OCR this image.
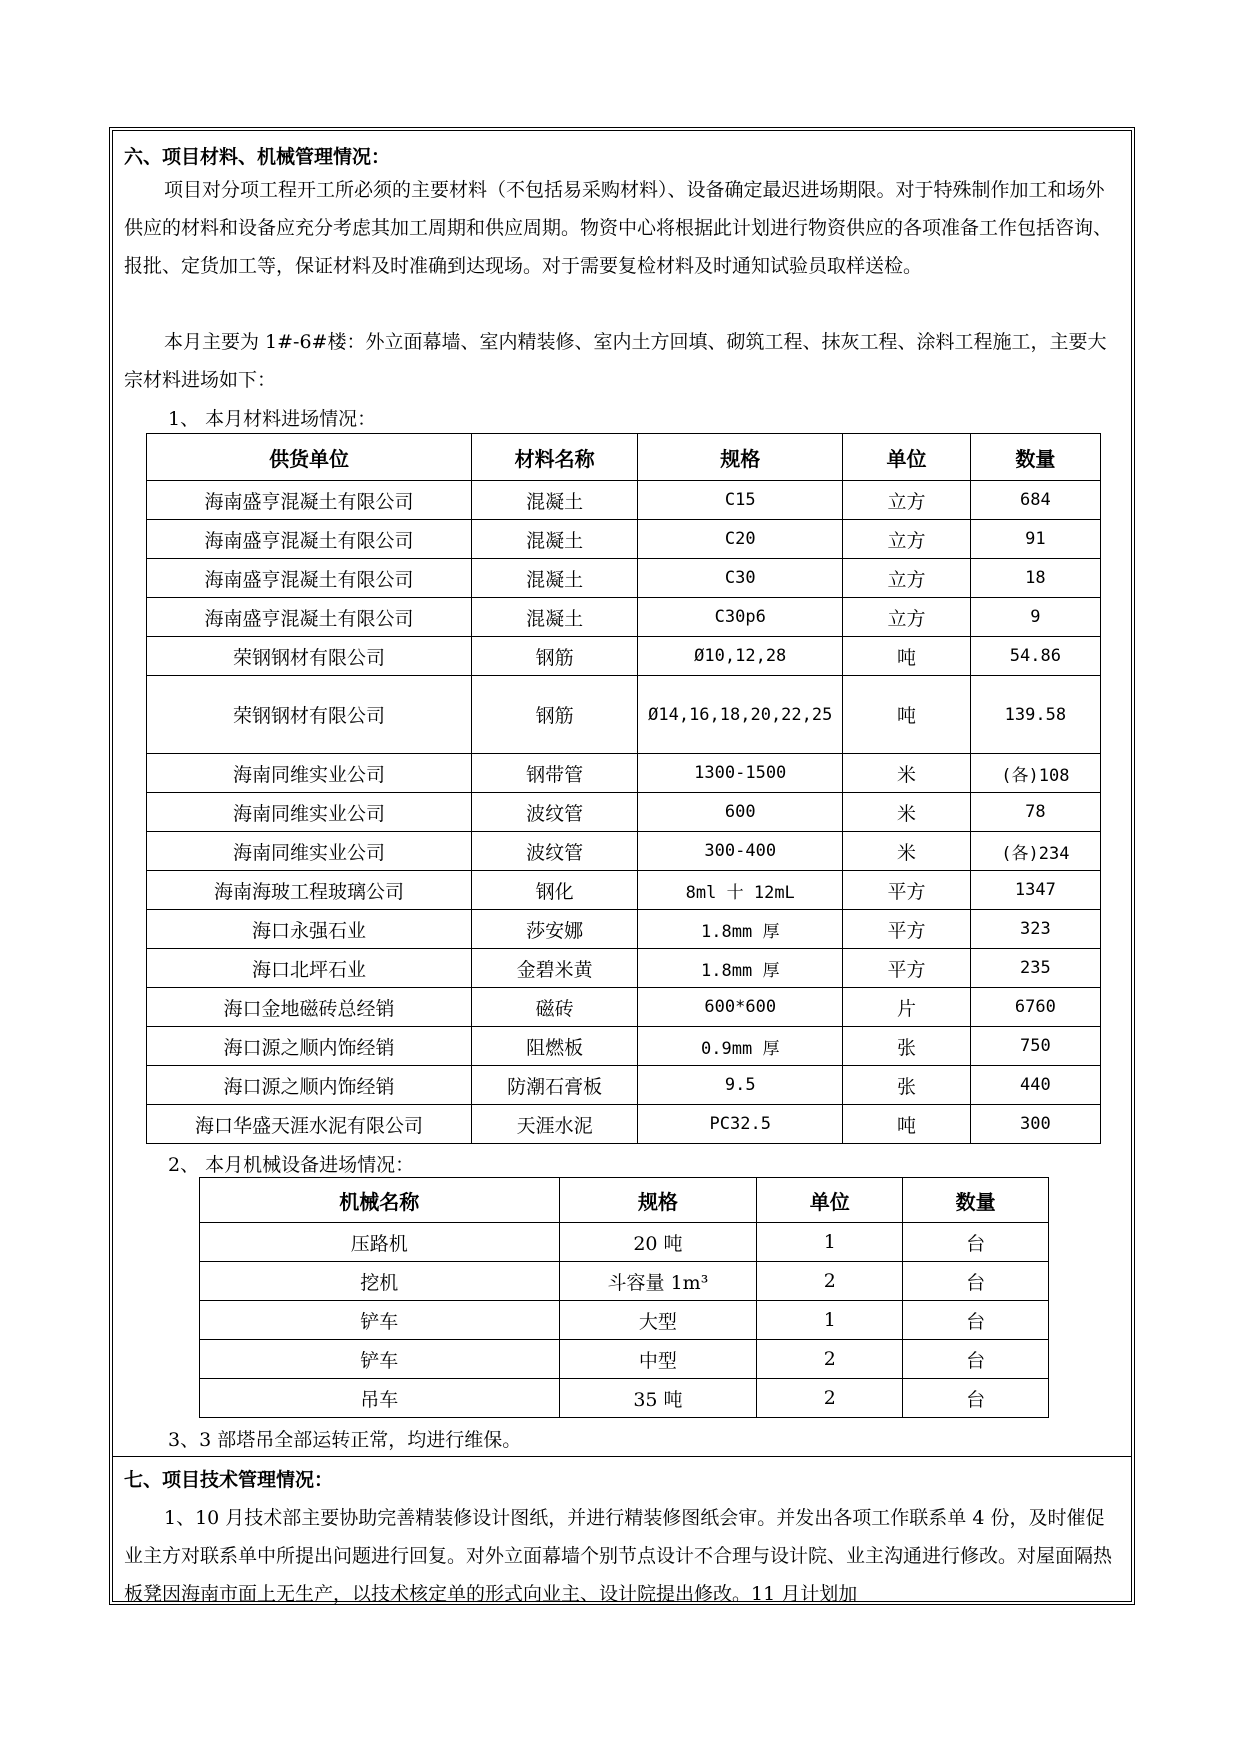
六、项目材料、机械管理情况：
项目对分项工程开工所必须的主要材料（不包括易采购材料）、设备确定最迟进场期限。对于特殊制作加工和场外供应的材料和设备应充分考虑其加工周期和供应周期。物资中心将根据此计划进行物资供应的各项准备工作包括咨询、报批、定货加工等，保证材料及时准确到达现场。对于需要复检材料及时通知试验员取样送检。
本月主要为 1#-6#楼：外立面幕墙、室内精装修、室内土方回填、砌筑工程、抹灰工程、涂料工程施工，主要大宗材料进场如下：
1、 本月材料进场情况：
供货单位	材料名称	规格	单位	数量
海南盛亨混凝土有限公司	混凝土	C15	立方	684
海南盛亨混凝土有限公司	混凝土	C20	立方	91
海南盛亨混凝土有限公司	混凝土	C30	立方	18
海南盛亨混凝土有限公司	混凝土	C30p6	立方	9
荣钢钢材有限公司	钢筋	Ø10,12,28	吨	54.86
荣钢钢材有限公司	钢筋	Ø14,16,18,20,22,25	吨	139.58
海南同维实业公司	钢带管	1300-1500	米	(各)108
海南同维实业公司	波纹管	600	米	78
海南同维实业公司	波纹管	300-400	米	(各)234
海南海玻工程玻璃公司	钢化	8ml 十 12mL	平方	1347
海口永强石业	莎安娜	1.8mm 厚	平方	323
海口北坪石业	金碧米黄	1.8mm 厚	平方	235
海口金地磁砖总经销	磁砖	600*600	片	6760
海口源之顺内饰经销	阻燃板	0.9mm 厚	张	750
海口源之顺内饰经销	防潮石膏板	9.5	张	440
海口华盛天涯水泥有限公司	天涯水泥	PC32.5	吨	300
2、 本月机械设备进场情况：
机械名称	规格	单位	数量
压路机	20 吨	1	台
挖机	斗容量 1m³	2	台
铲车	大型	1	台
铲车	中型	2	台
吊车	35 吨	2	台
3、3 部塔吊全部运转正常，均进行维保。
七、项目技术管理情况：
1、10 月技术部主要协助完善精装修设计图纸，并进行精装修图纸会审。并发出各项工作联系单 4 份，及时催促业主方对联系单中所提出问题进行回复。对外立面幕墙个别节点设计不合理与设计院、业主沟通进行修改。对屋面隔热板凳因海南市面上无生产，以技术核定单的形式向业主、设计院提出修改。11 月计划加
